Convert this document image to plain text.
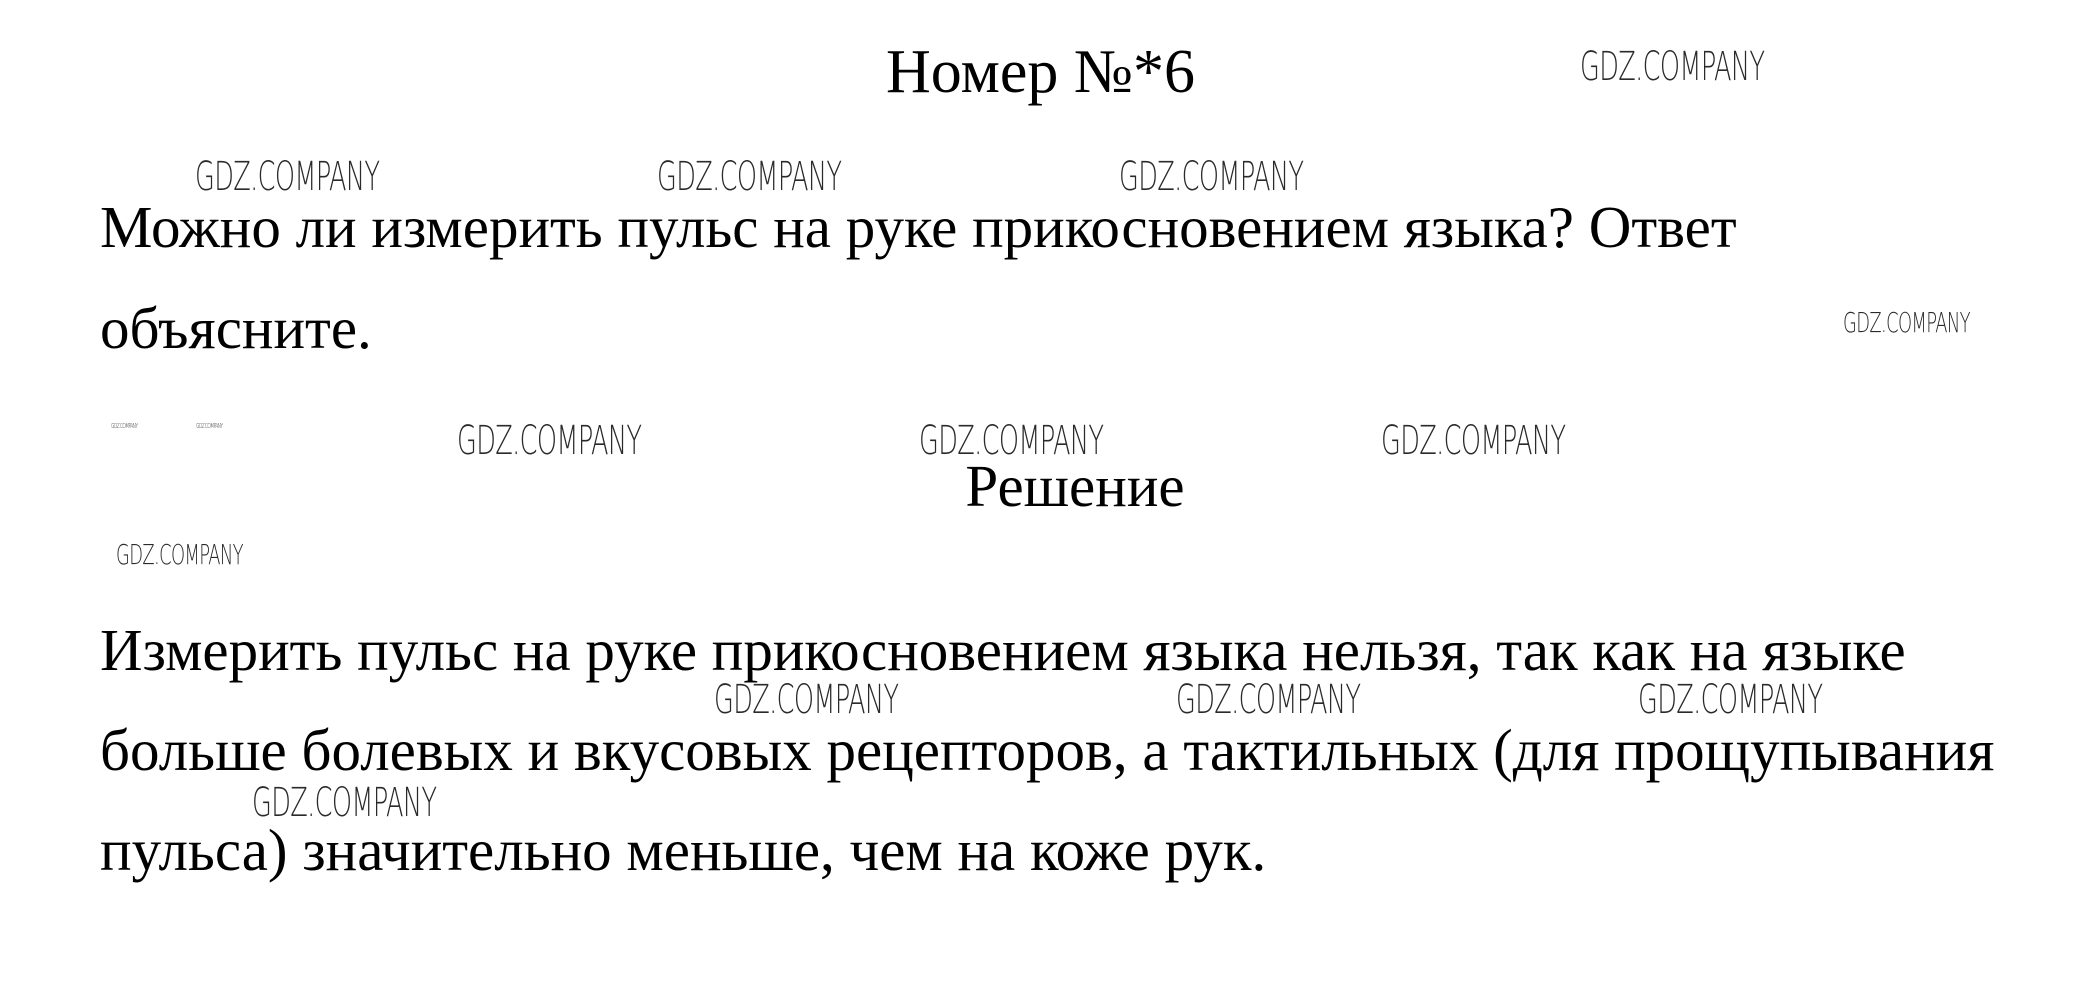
Номер №*6
Можно ли измерить пульс на руке прикосновением языка? Ответ
объясните.
Решение
Измерить пульс на руке прикосновением языка нельзя, так как на языке
больше болевых и вкусовых рецепторов, а тактильных (для прощупывания
пульса) значительно меньше, чем на коже рук.
GDZ.COMPANY
GDZ.COMPANY	GDZ.COMPANY	GDZ.COMPANY
GDZ.COMPANY
GDZ.COMPANY	GDZ.COMPANY	GDZ.COMPANY	GDZ.COMPANY	GDZ.COMPANY
GDZ.COMPANY
GDZ.COMPANY	GDZ.COMPANY	GDZ.COMPANY
GDZ.COMPANY
